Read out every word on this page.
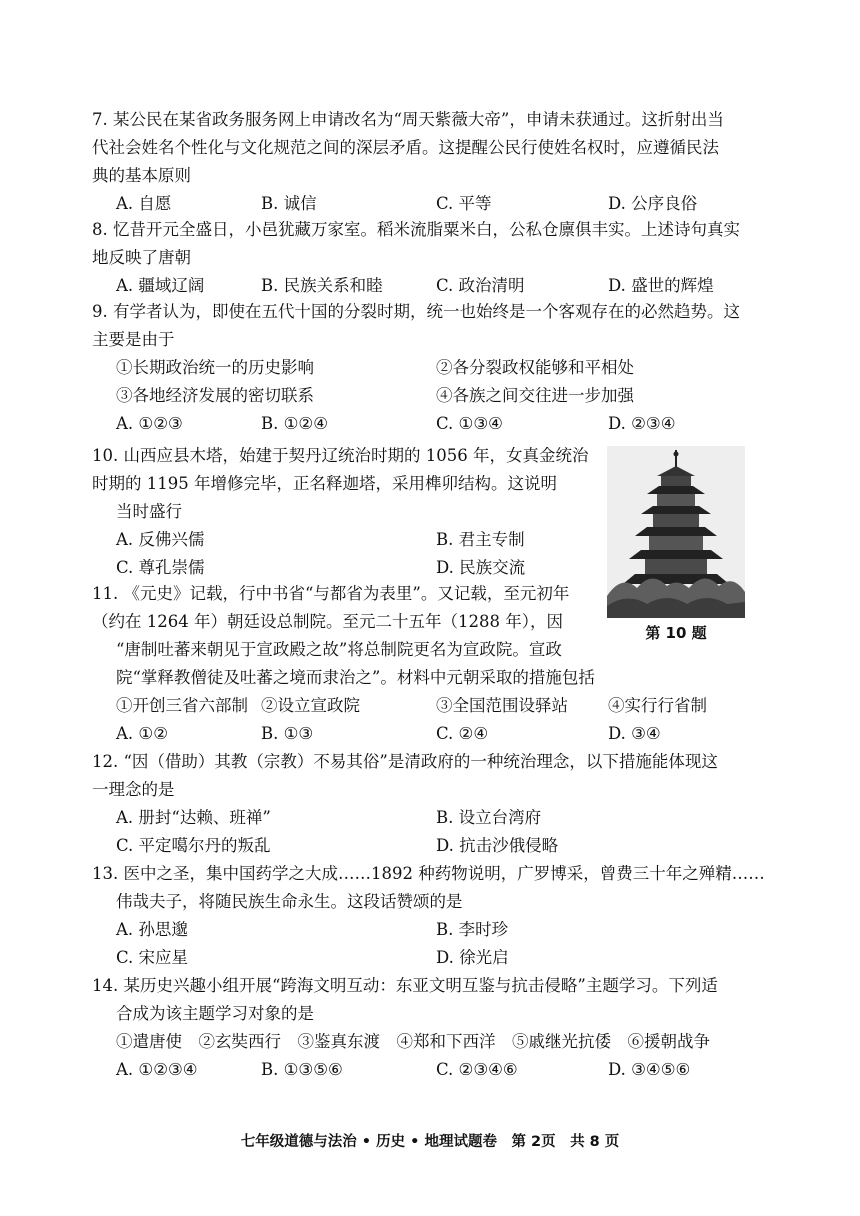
7. 某公民在某省政务服务网上申请改名为“周天紫薇大帝”，申请未获通过。这折射出当
代社会姓名个性化与文化规范之间的深层矛盾。这提醒公民行使姓名权时，应遵循民法
典的基本原则
A. 自愿	B. 诚信	C. 平等	D. 公序良俗
8. 忆昔开元全盛日，小邑犹藏万家室。稻米流脂粟米白，公私仓廪俱丰实。上述诗句真实
地反映了唐朝
A. 疆域辽阔	B. 民族关系和睦	C. 政治清明	D. 盛世的辉煌
9. 有学者认为，即使在五代十国的分裂时期，统一也始终是一个客观存在的必然趋势。这
主要是由于
①长期政治统一的历史影响	②各分裂政权能够和平相处
③各地经济发展的密切联系	④各族之间交往进一步加强
A. ①②③	B. ①②④	C. ①③④	D. ②③④
10. 山西应县木塔，始建于契丹辽统治时期的 1056 年，女真金统治
时期的 1195 年增修完毕，正名释迦塔，采用榫卯结构。这说明
当时盛行
A. 反佛兴儒	B. 君主专制
C. 尊孔崇儒	D. 民族交流
第 10 题
11. 《元史》记载，行中书省“与都省为表里”。又记载，至元初年
（约在 1264 年）朝廷设总制院。至元二十五年（1288 年），因
“唐制吐蕃来朝见于宣政殿之故”将总制院更名为宣政院。宣政
院“掌释教僧徒及吐蕃之境而隶治之”。材料中元朝采取的措施包括
①开创三省六部制 ②设立宣政院	③全国范围设驿站 ④实行行省制
A. ①②	B. ①③	C. ②④	D. ③④
12. “因（借助）其教（宗教）不易其俗”是清政府的一种统治理念，以下措施能体现这
一理念的是
A. 册封“达赖、班禅”	B. 设立台湾府
C. 平定噶尔丹的叛乱	D. 抗击沙俄侵略
13. 医中之圣，集中国药学之大成……1892 种药物说明，广罗博采，曾费三十年之殚精……
伟哉夫子，将随民族生命永生。这段话赞颂的是
A. 孙思邈	B. 李时珍
C. 宋应星	D. 徐光启
14. 某历史兴趣小组开展“跨海文明互动：东亚文明互鉴与抗击侵略”主题学习。下列适
合成为该主题学习对象的是
①遣唐使　②玄奘西行　③鉴真东渡　④郑和下西洋　⑤戚继光抗倭　⑥援朝战争
A. ①②③④	B. ①③⑤⑥	C. ②③④⑥	D. ③④⑤⑥
七年级道德与法治 • 历史 • 地理试题卷　第 2页　共 8 页
